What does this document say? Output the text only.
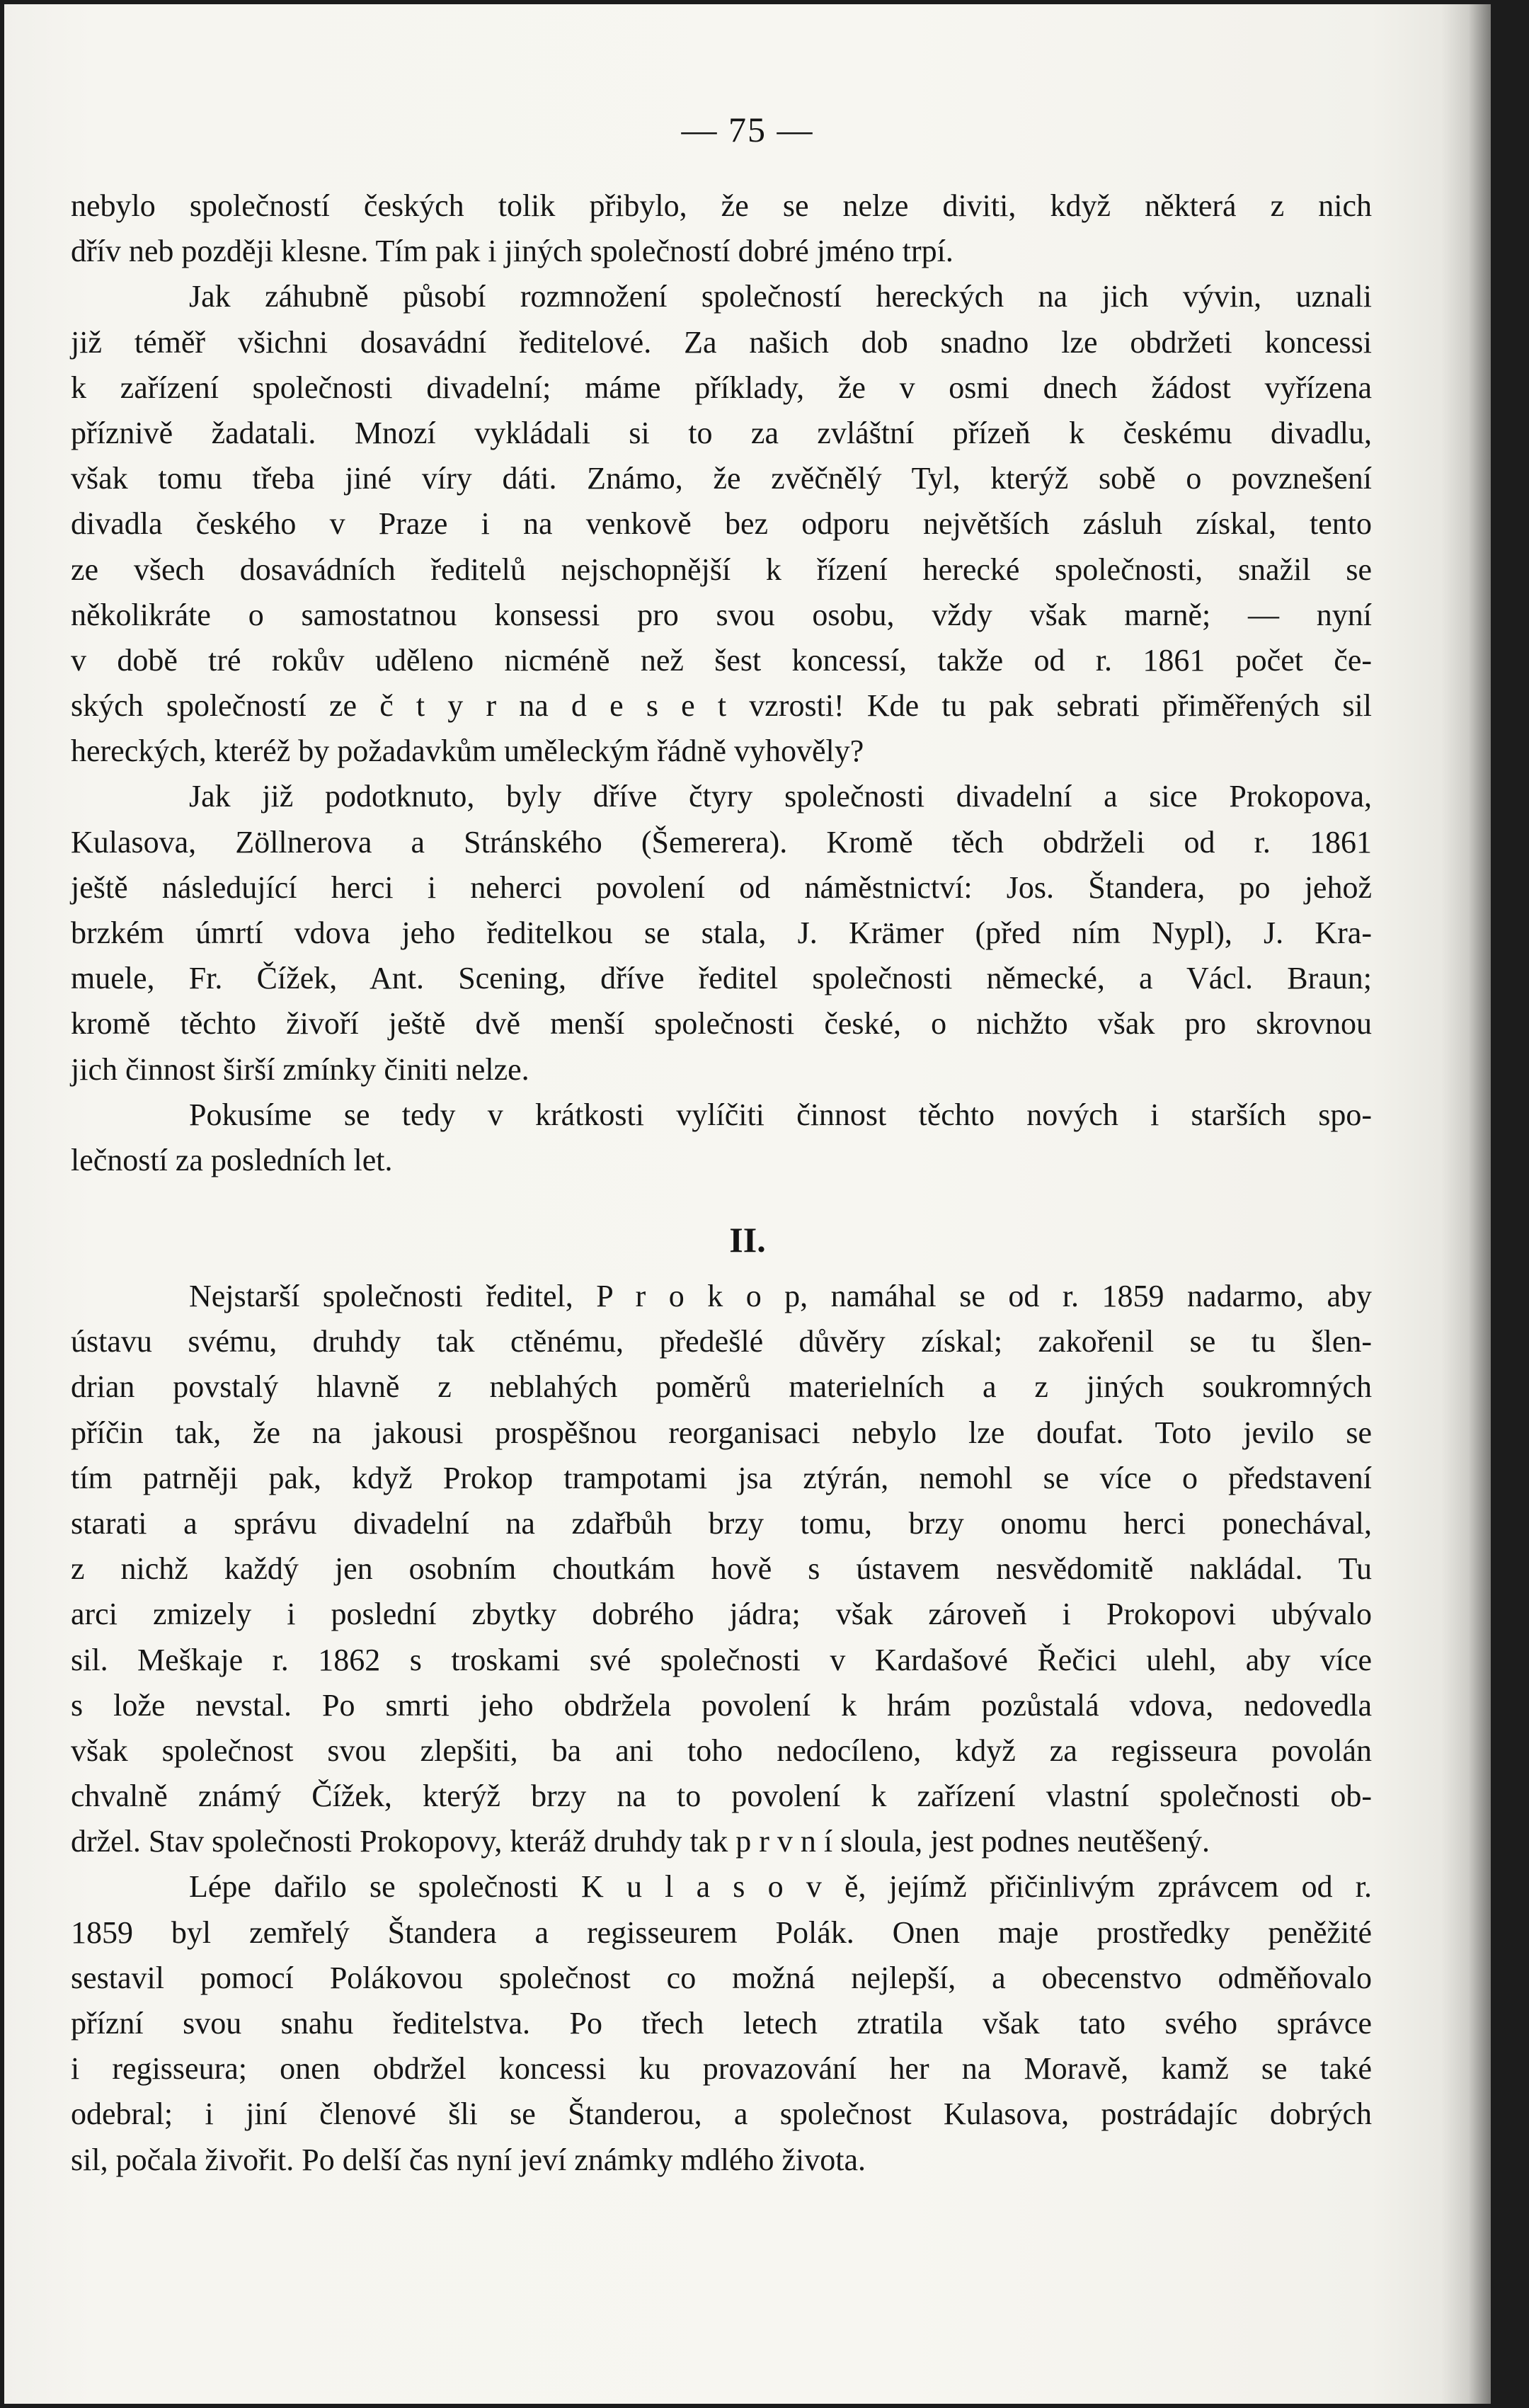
— 75 —
nebylo společností českých tolik přibylo, že se nelze diviti, když některá z nich
dřív neb později klesne. Tím pak i jiných společností dobré jméno trpí.
Jak záhubně působí rozmnožení společností hereckých na jich vývin, uznali
již téměř všichni dosavádní ředitelové. Za našich dob snadno lze obdržeti koncessi
k zařízení společnosti divadelní; máme příklady, že v osmi dnech žádost vyřízena
příznivě žadatali. Mnozí vykládali si to za zvláštní přízeň k českému divadlu,
však tomu třeba jiné víry dáti. Známo, že zvěčnělý Tyl, kterýž sobě o povznešení
divadla českého v Praze i na venkově bez odporu největších zásluh získal, tento
ze všech dosavádních ředitelů nejschopnější k řízení herecké společnosti, snažil se
několikráte o samostatnou konsessi pro svou osobu, vždy však marně; — nyní
v době tré rokův uděleno nicméně než šest koncessí, takže od r. 1861 počet če-
ských společností ze č t y r na d e s e t vzrosti! Kde tu pak sebrati přiměřených sil
hereckých, kteréž by požadavkům uměleckým řádně vyhověly?
Jak již podotknuto, byly dříve čtyry společnosti divadelní a sice Prokopova,
Kulasova, Zöllnerova a Stránského (Šemerera). Kromě těch obdrželi od r. 1861
ještě následující herci i neherci povolení od náměstnictví: Jos. Štandera, po jehož
brzkém úmrtí vdova jeho ředitelkou se stala, J. Krämer (před ním Nypl), J. Kra-
muele, Fr. Čížek, Ant. Scening, dříve ředitel společnosti německé, a Václ. Braun;
kromě těchto živoří ještě dvě menší společnosti české, o nichžto však pro skrovnou
jich činnost širší zmínky činiti nelze.
Pokusíme se tedy v krátkosti vylíčiti činnost těchto nových i starších spo-
lečností za posledních let.
II.
Nejstarší společnosti ředitel, P r o k o p, namáhal se od r. 1859 nadarmo, aby
ústavu svému, druhdy tak ctěnému, předešlé důvěry získal; zakořenil se tu šlen-
drian povstalý hlavně z neblahých poměrů materielních a z jiných soukromných
příčin tak, že na jakousi prospěšnou reorganisaci nebylo lze doufat. Toto jevilo se
tím patrněji pak, když Prokop trampotami jsa ztýrán, nemohl se více o představení
starati a správu divadelní na zdařbůh brzy tomu, brzy onomu herci ponechával,
z nichž každý jen osobním choutkám hově s ústavem nesvědomitě nakládal. Tu
arci zmizely i poslední zbytky dobrého jádra; však zároveň i Prokopovi ubývalo
sil. Meškaje r. 1862 s troskami své společnosti v Kardašové Řečici ulehl, aby více
s lože nevstal. Po smrti jeho obdržela povolení k hrám pozůstalá vdova, nedovedla
však společnost svou zlepšiti, ba ani toho nedocíleno, když za regisseura povolán
chvalně známý Čížek, kterýž brzy na to povolení k zařízení vlastní společnosti ob-
držel. Stav společnosti Prokopovy, kteráž druhdy tak p r v n í sloula, jest podnes neutěšený.
Lépe dařilo se společnosti K u l a s o v ě, jejímž přičinlivým zprávcem od r.
1859 byl zemřelý Štandera a regisseurem Polák. Onen maje prostředky peněžité
sestavil pomocí Polákovou společnost co možná nejlepší, a obecenstvo odměňovalo
přízní svou snahu ředitelstva. Po třech letech ztratila však tato svého správce
i regisseura; onen obdržel koncessi ku provazování her na Moravě, kamž se také
odebral; i jiní členové šli se Štanderou, a společnost Kulasova, postrádajíc dobrých
sil, počala živořit. Po delší čas nyní jeví známky mdlého života.
